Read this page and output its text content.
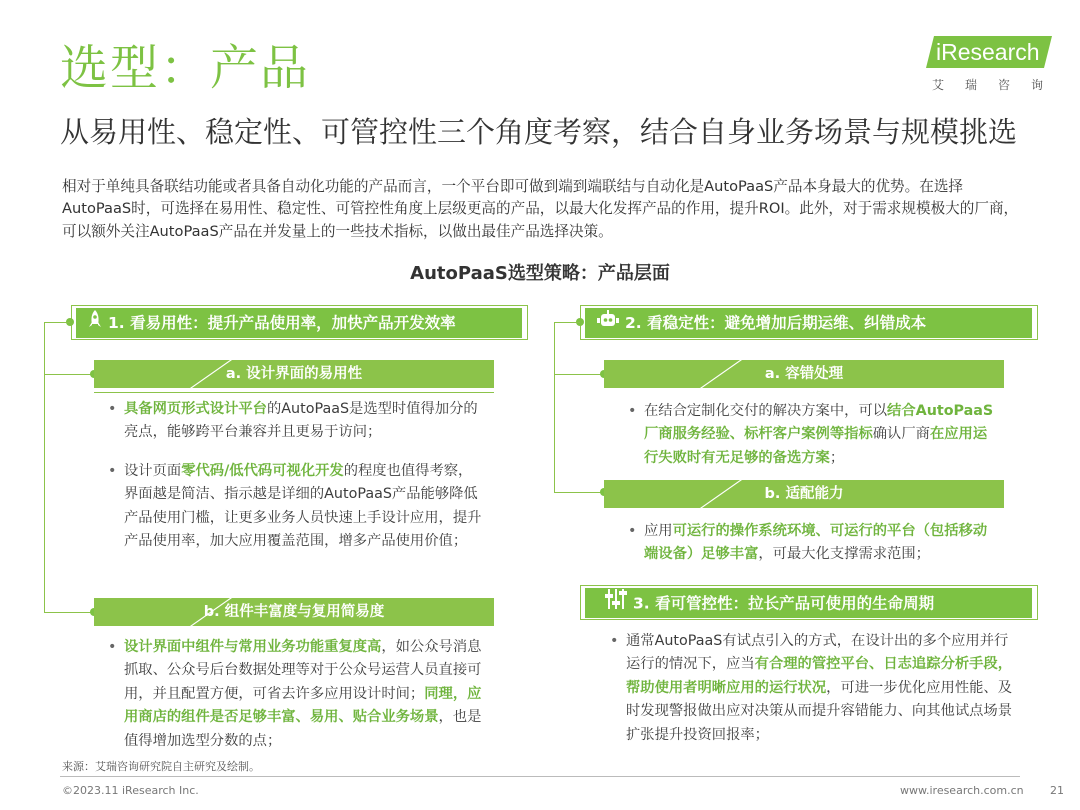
选型：产品	iResearch
艾瑞咨询
从易用性、稳定性、可管控性三个角度考察，结合自身业务场景与规模挑选
相对于单纯具备联结功能或者具备自动化功能的产品而言，一个平台即可做到端到端联结与自动化是AutoPaaS产品本身最大的优势。在选择AutoPaaS时，可选择在易用性、稳定性、可管控性角度上层级更高的产品，以最大化发挥产品的作用，提升ROI。此外，对于需求规模极大的厂商，可以额外关注AutoPaaS产品在并发量上的一些技术指标，以做出最佳产品选择决策。
AutoPaaS选型策略：产品层面
1. 看易用性：提升产品使用率，加快产品开发效率
a. 设计界面的易用性
• 具备网页形式设计平台的AutoPaaS是选型时值得加分的亮点，能够跨平台兼容并且更易于访问；
• 设计页面零代码/低代码可视化开发的程度也值得考察，界面越是简洁、指示越是详细的AutoPaaS产品能够降低产品使用门槛，让更多业务人员快速上手设计应用，提升产品使用率，加大应用覆盖范围，增多产品使用价值；
b. 组件丰富度与复用简易度
• 设计界面中组件与常用业务功能重复度高，如公众号消息抓取、公众号后台数据处理等对于公众号运营人员直接可用，并且配置方便，可省去许多应用设计时间；同理，应用商店的组件是否足够丰富、易用、贴合业务场景，也是值得增加选型分数的点；
2. 看稳定性：避免增加后期运维、纠错成本
a. 容错处理
• 在结合定制化交付的解决方案中，可以结合AutoPaaS厂商服务经验、标杆客户案例等指标确认厂商在应用运行失败时有无足够的备选方案；
b. 适配能力
• 应用可运行的操作系统环境、可运行的平台（包括移动端设备）足够丰富，可最大化支撑需求范围；
3. 看可管控性：拉长产品可使用的生命周期
• 通常AutoPaaS有试点引入的方式，在设计出的多个应用并行运行的情况下，应当有合理的管控平台、日志追踪分析手段，帮助使用者明晰应用的运行状况，可进一步优化应用性能、及时发现警报做出应对决策从而提升容错能力、向其他试点场景扩张提升投资回报率；
来源：艾瑞咨询研究院自主研究及绘制。
©2023.11 iResearch Inc.	www.iresearch.com.cn 21
